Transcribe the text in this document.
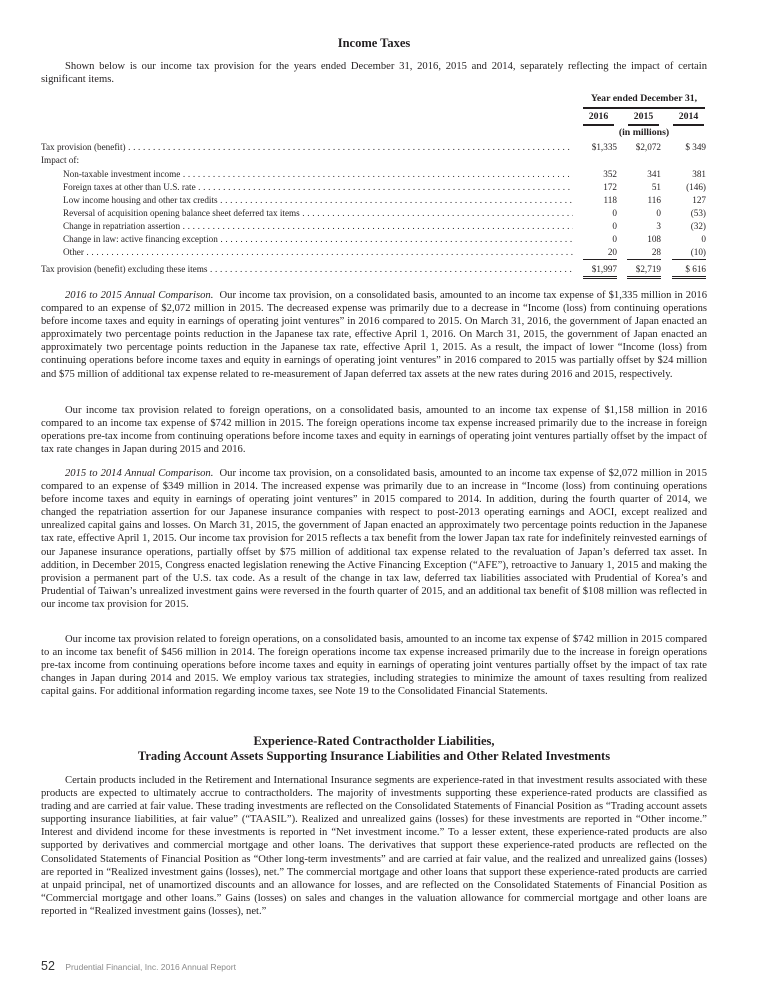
Income Taxes

Shown below is our income tax provision for the years ended December 31, 2016, 2015 and 2014, separately reflecting the impact of certain significant items.

Year ended December 31,
2016	2015	2014
(in millions)
Tax provision (benefit) . . .	$1,335	$2,072	$ 349
Impact of:
Non-taxable investment income . . .	352	341	381
Foreign taxes at other than U.S. rate . . .	172	51	(146)
Low income housing and other tax credits . . .	118	116	127
Reversal of acquisition opening balance sheet deferred tax items . . .	0	0	(53)
Change in repatriation assertion . . .	0	3	(32)
Change in law: active financing exception . . .	0	108	0
Other . . .	20	28	(10)
Tax provision (benefit) excluding these items . . .	$1,997	$2,719	$ 616

2016 to 2015 Annual Comparison. Our income tax provision, on a consolidated basis, amounted to an income tax expense of $1,335 million in 2016 compared to an expense of $2,072 million in 2015. The decreased expense was primarily due to a decrease in “Income (loss) from continuing operations before income taxes and equity in earnings of operating joint ventures” in 2016 compared to 2015. On March 31, 2016, the government of Japan enacted an approximately two percentage points reduction in the Japanese tax rate, effective April 1, 2016. On March 31, 2015, the government of Japan enacted an approximately two percentage points reduction in the Japanese tax rate, effective April 1, 2015. As a result, the impact of lower “Income (loss) from continuing operations before income taxes and equity in earnings of operating joint ventures” in 2016 compared to 2015 was partially offset by $24 million and $75 million of additional tax expense related to re-measurement of Japan deferred tax assets at the new rates during 2016 and 2015, respectively.

Our income tax provision related to foreign operations, on a consolidated basis, amounted to an income tax expense of $1,158 million in 2016 compared to an income tax expense of $742 million in 2015. The foreign operations income tax expense increased primarily due to the increase in foreign operations pre-tax income from continuing operations before income taxes and equity in earnings of operating joint ventures partially offset by the impact of tax rate changes in Japan during 2015 and 2016.

2015 to 2014 Annual Comparison. Our income tax provision, on a consolidated basis, amounted to an income tax expense of $2,072 million in 2015 compared to an expense of $349 million in 2014. The increased expense was primarily due to an increase in “Income (loss) from continuing operations before income taxes and equity in earnings of operating joint ventures” in 2015 compared to 2014. In addition, during the fourth quarter of 2014, we changed the repatriation assertion for our Japanese insurance companies with respect to post-2013 operating earnings and AOCI, except realized and unrealized capital gains and losses. On March 31, 2015, the government of Japan enacted an approximately two percentage points reduction in the Japanese tax rate, effective April 1, 2015. Our income tax provision for 2015 reflects a tax benefit from the lower Japan tax rate for indefinitely reinvested earnings of our Japanese insurance operations, partially offset by $75 million of additional tax expense related to the revaluation of Japan’s deferred tax asset. In addition, in December 2015, Congress enacted legislation renewing the Active Financing Exception (“AFE”), retroactive to January 1, 2015 and making the provision a permanent part of the U.S. tax code. As a result of the change in tax law, deferred tax liabilities associated with Prudential of Korea’s and Prudential of Taiwan’s unrealized investment gains were reversed in the fourth quarter of 2015, and an additional tax benefit of $108 million was reflected in our income tax provision for 2015.

Our income tax provision related to foreign operations, on a consolidated basis, amounted to an income tax expense of $742 million in 2015 compared to an income tax benefit of $456 million in 2014. The foreign operations income tax expense increased primarily due to the increase in foreign operations pre-tax income from continuing operations before income taxes and equity in earnings of operating joint ventures partially offset by the impact of tax rate changes in Japan during 2014 and 2015. We employ various tax strategies, including strategies to minimize the amount of taxes resulting from realized capital gains. For additional information regarding income taxes, see Note 19 to the Consolidated Financial Statements.

Experience-Rated Contractholder Liabilities,
Trading Account Assets Supporting Insurance Liabilities and Other Related Investments

Certain products included in the Retirement and International Insurance segments are experience-rated in that investment results associated with these products are expected to ultimately accrue to contractholders. The majority of investments supporting these experience-rated products are classified as trading and are carried at fair value. These trading investments are reflected on the Consolidated Statements of Financial Position as “Trading account assets supporting insurance liabilities, at fair value” (“TAASIL”). Realized and unrealized gains (losses) for these investments are reported in “Other income.” Interest and dividend income for these investments is reported in “Net investment income.” To a lesser extent, these experience-rated products are also supported by derivatives and commercial mortgage and other loans. The derivatives that support these experience-rated products are reflected on the Consolidated Statements of Financial Position as “Other long-term investments” and are carried at fair value, and the realized and unrealized gains (losses) are reported in “Realized investment gains (losses), net.” The commercial mortgage and other loans that support these experience-rated products are carried at unpaid principal, net of unamortized discounts and an allowance for losses, and are reflected on the Consolidated Statements of Financial Position as “Commercial mortgage and other loans.” Gains (losses) on sales and changes in the valuation allowance for commercial mortgage and other loans are reported in “Realized investment gains (losses), net.”

52 Prudential Financial, Inc. 2016 Annual Report
